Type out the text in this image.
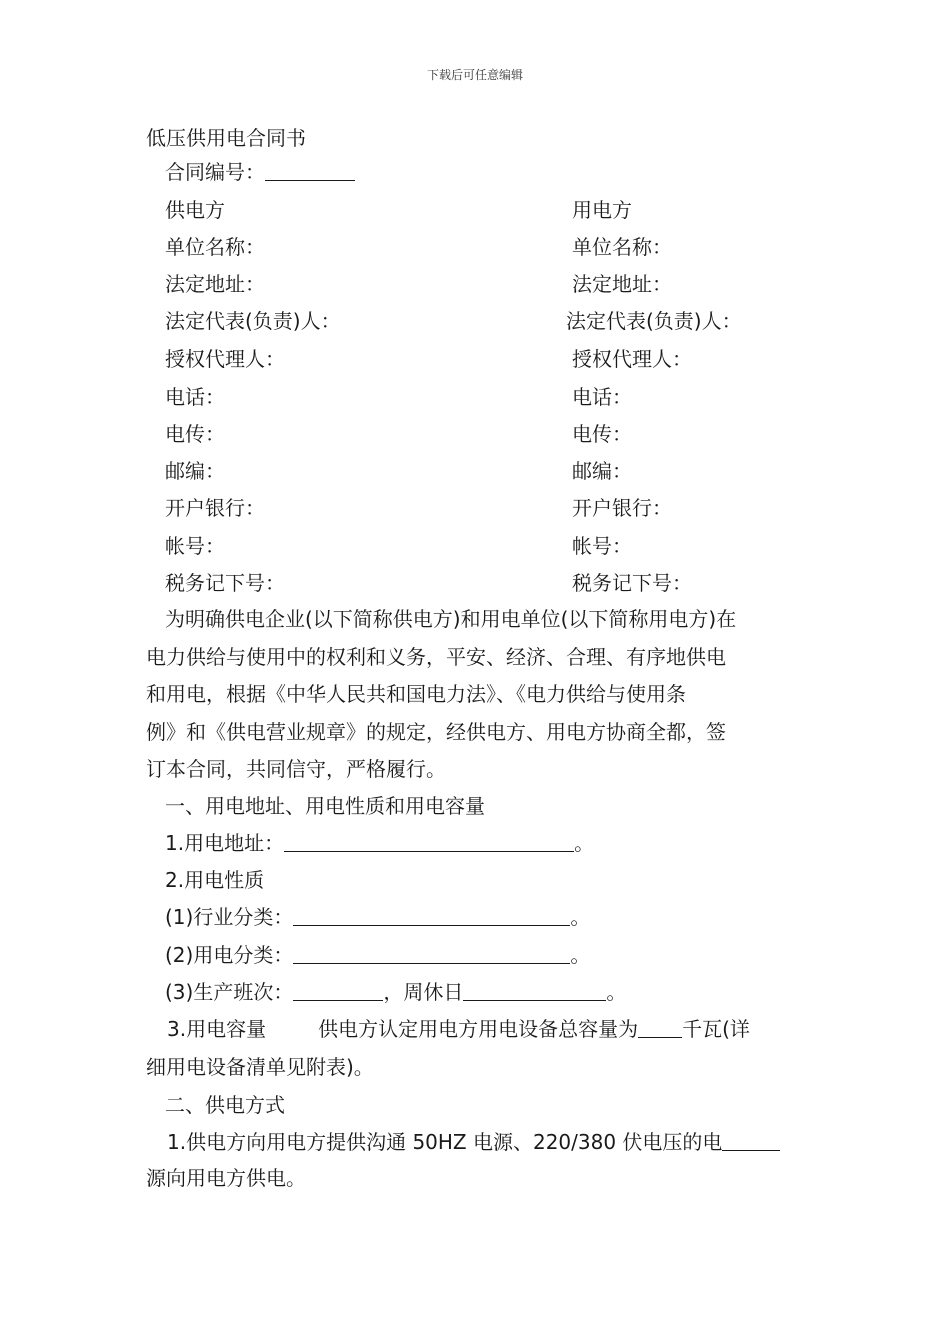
下载后可任意编辑
低压供用电合同书
合同编号：
供电方	用电方
单位名称：	单位名称：
法定地址：	法定地址：
法定代表(负责)人：	法定代表(负责)人：
授权代理人：	授权代理人：
电话：	电话：
电传：	电传：
邮编：	邮编：
开户银行：	开户银行：
帐号：	帐号：
税务记下号：	税务记下号：
为明确供电企业(以下简称供电方)和用电单位(以下简称用电方)在
电力供给与使用中的权利和义务，平安、经济、合理、有序地供电
和用电，根据《中华人民共和国电力法》、《电力供给与使用条
例》和《供电营业规章》的规定，经供电方、用电方协商全都，签
订本合同，共同信守，严格履行。
一、用电地址、用电性质和用电容量
1.用电地址：	。
2.用电性质
(1)行业分类：	。
(2)用电分类：	。
(3)生产班次：	，周休日	。
3.用电容量	供电方认定用电方用电设备总容量为 千瓦(详
细用电设备清单见附表)。
二、供电方式
1.供电方向用电方提供沟通 50HZ 电源、220/380 伏电压的电
源向用电方供电。
